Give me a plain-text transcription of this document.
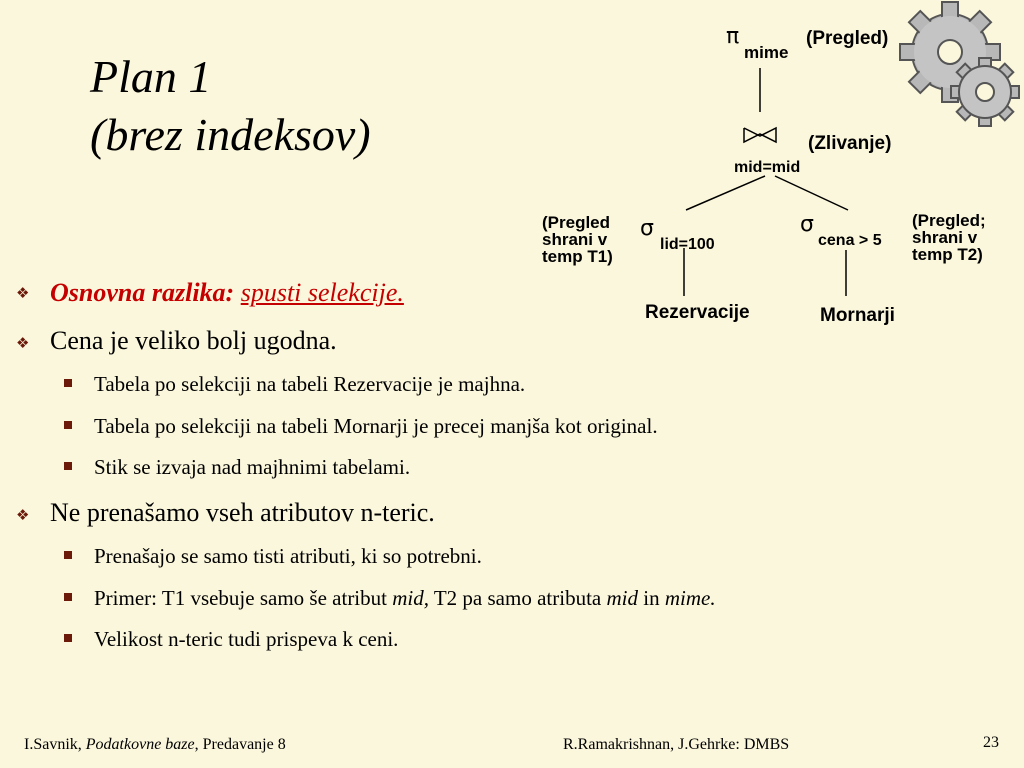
Plan 1
(brez indeksov)
π
mime
(Pregled)
(Zlivanje)
mid=mid
(Pregled
shrani v
temp T1)
σ
lid=100
σ
cena > 5
(Pregled;
shrani v
temp T2)
Rezervacije	Mornarji
❖ Osnovna razlika: spusti selekcije.
❖ Cena je veliko bolj ugodna.
Tabela po selekciji na tabeli Rezervacije je majhna.
Tabela po selekciji na tabeli Mornarji je precej manjša kot original.
Stik se izvaja nad majhnimi tabelami.
❖ Ne prenašamo vseh atributov n-teric.
Prenašajo se samo tisti atributi, ki so potrebni.
Primer: T1 vsebuje samo še atribut mid, T2 pa samo atributa mid in mime.
Velikost n-teric tudi prispeva k ceni.
I.Savnik, Podatkovne baze, Predavanje 8	R.Ramakrishnan, J.Gehrke: DMBS	23
